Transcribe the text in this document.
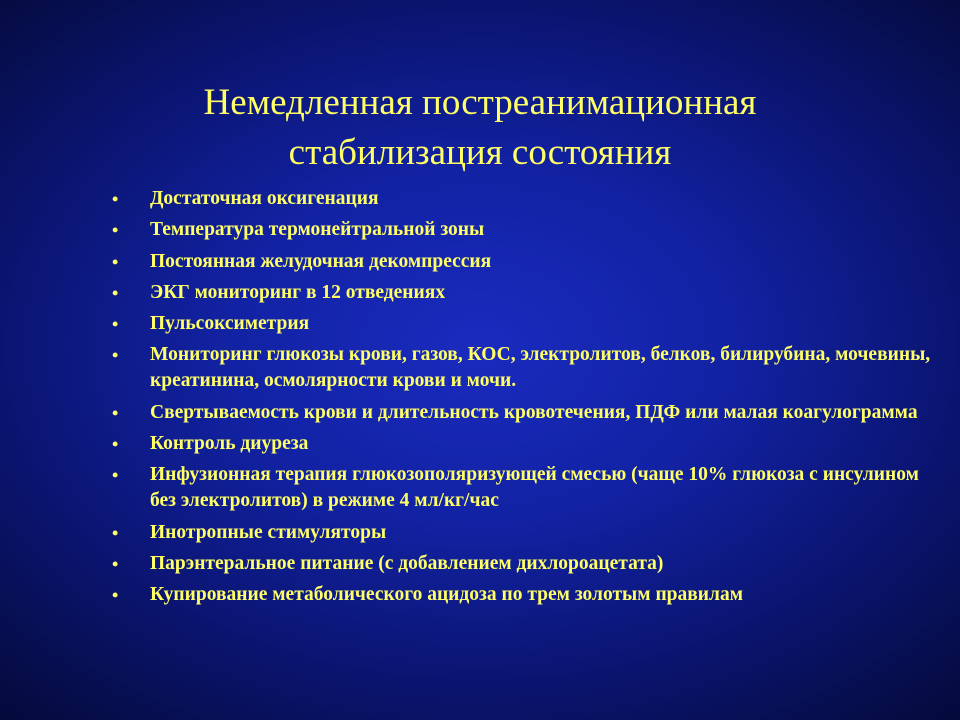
Немедленная постреанимационная
стабилизация состояния
• Достаточная оксигенация
• Температура термонейтральной зоны
• Постоянная желудочная декомпрессия
• ЭКГ мониторинг в 12 отведениях
• Пульсоксиметрия
• Мониторинг глюкозы крови, газов, КОС, электролитов, белков, билирубина, мочевины, креатинина, осмолярности крови и мочи.
• Свертываемость крови и длительность кровотечения, ПДФ или малая коагулограмма
• Контроль диуреза
• Инфузионная терапия глюкозополяризующей смесью (чаще 10% глюкоза с инсулином без электролитов) в режиме 4 мл/кг/час
• Инотропные стимуляторы
• Парэнтеральное питание (с добавлением дихлороацетата)
• Купирование метаболического ацидоза по трем золотым правилам
